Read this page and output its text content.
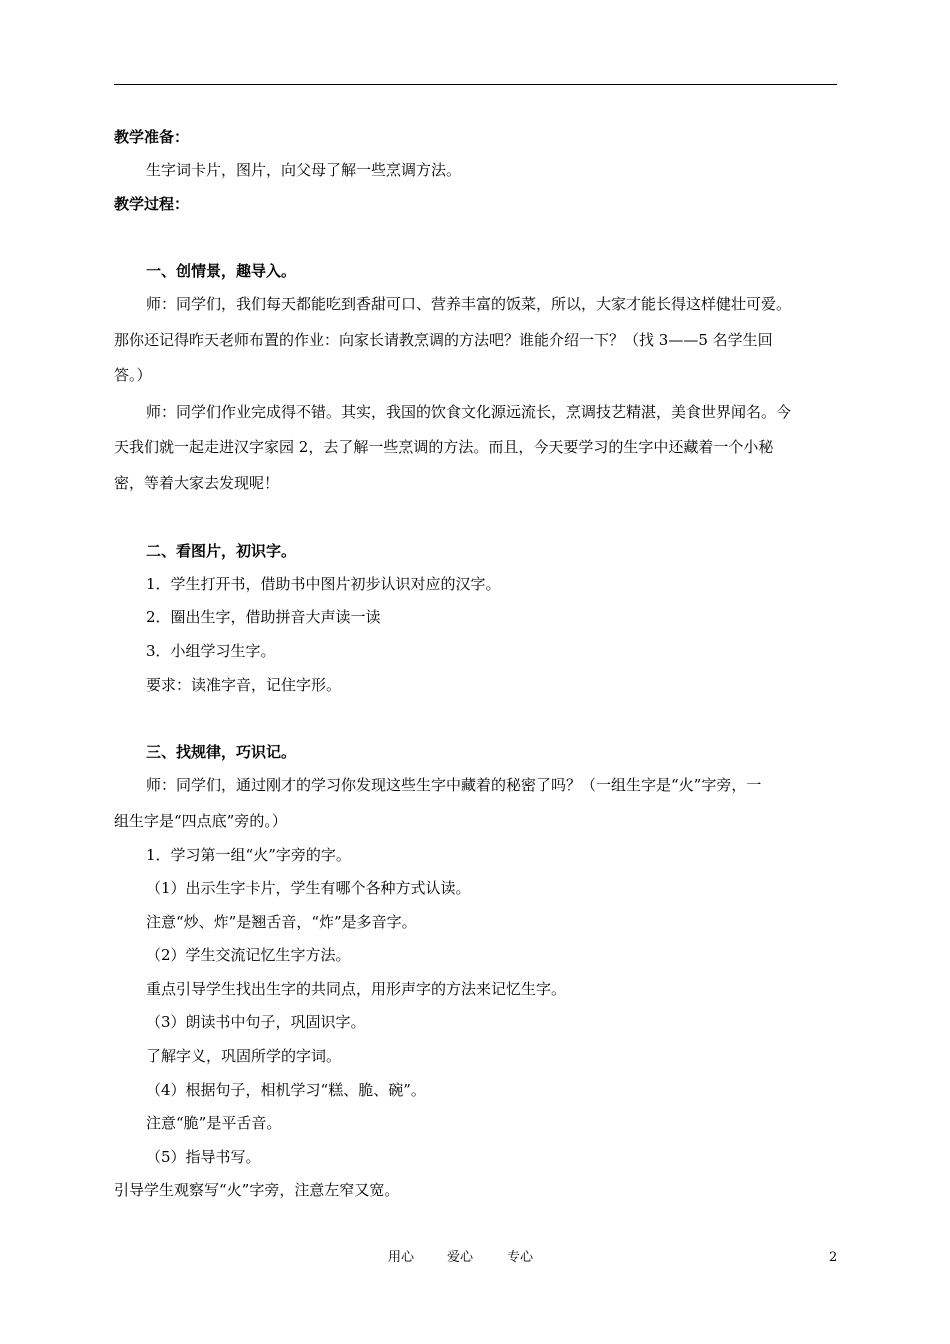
教学准备：
生字词卡片，图片，向父母了解一些烹调方法。
教学过程：
一、创情景，趣导入。
师：同学们，我们每天都能吃到香甜可口、营养丰富的饭菜，所以，大家才能长得这样健壮可爱。
那你还记得昨天老师布置的作业：向家长请教烹调的方法吧？谁能介绍一下？（找 3——5 名学生回
答。）
师：同学们作业完成得不错。其实，我国的饮食文化源远流长，烹调技艺精湛，美食世界闻名。今
天我们就一起走进汉字家园 2，去了解一些烹调的方法。而且，今天要学习的生字中还藏着一个小秘
密，等着大家去发现呢！
二、看图片，初识字。
1．学生打开书，借助书中图片初步认识对应的汉字。
2．圈出生字，借助拼音大声读一读
3．小组学习生字。
要求：读准字音，记住字形。
三、找规律，巧识记。
师：同学们，通过刚才的学习你发现这些生字中藏着的秘密了吗？（一组生字是“火”字旁，一
组生字是“四点底”旁的。）
1．学习第一组“火”字旁的字。
（1）出示生字卡片，学生有哪个各种方式认读。
注意“炒、炸”是翘舌音，“炸”是多音字。
（2）学生交流记忆生字方法。
重点引导学生找出生字的共同点，用形声字的方法来记忆生字。
（3）朗读书中句子，巩固识字。
了解字义，巩固所学的字词。
（4）根据句子，相机学习“糕、脆、碗”。
注意“脆”是平舌音。
（5）指导书写。
引导学生观察写“火”字旁，注意左窄又宽。
用心	爱心	专心	2
